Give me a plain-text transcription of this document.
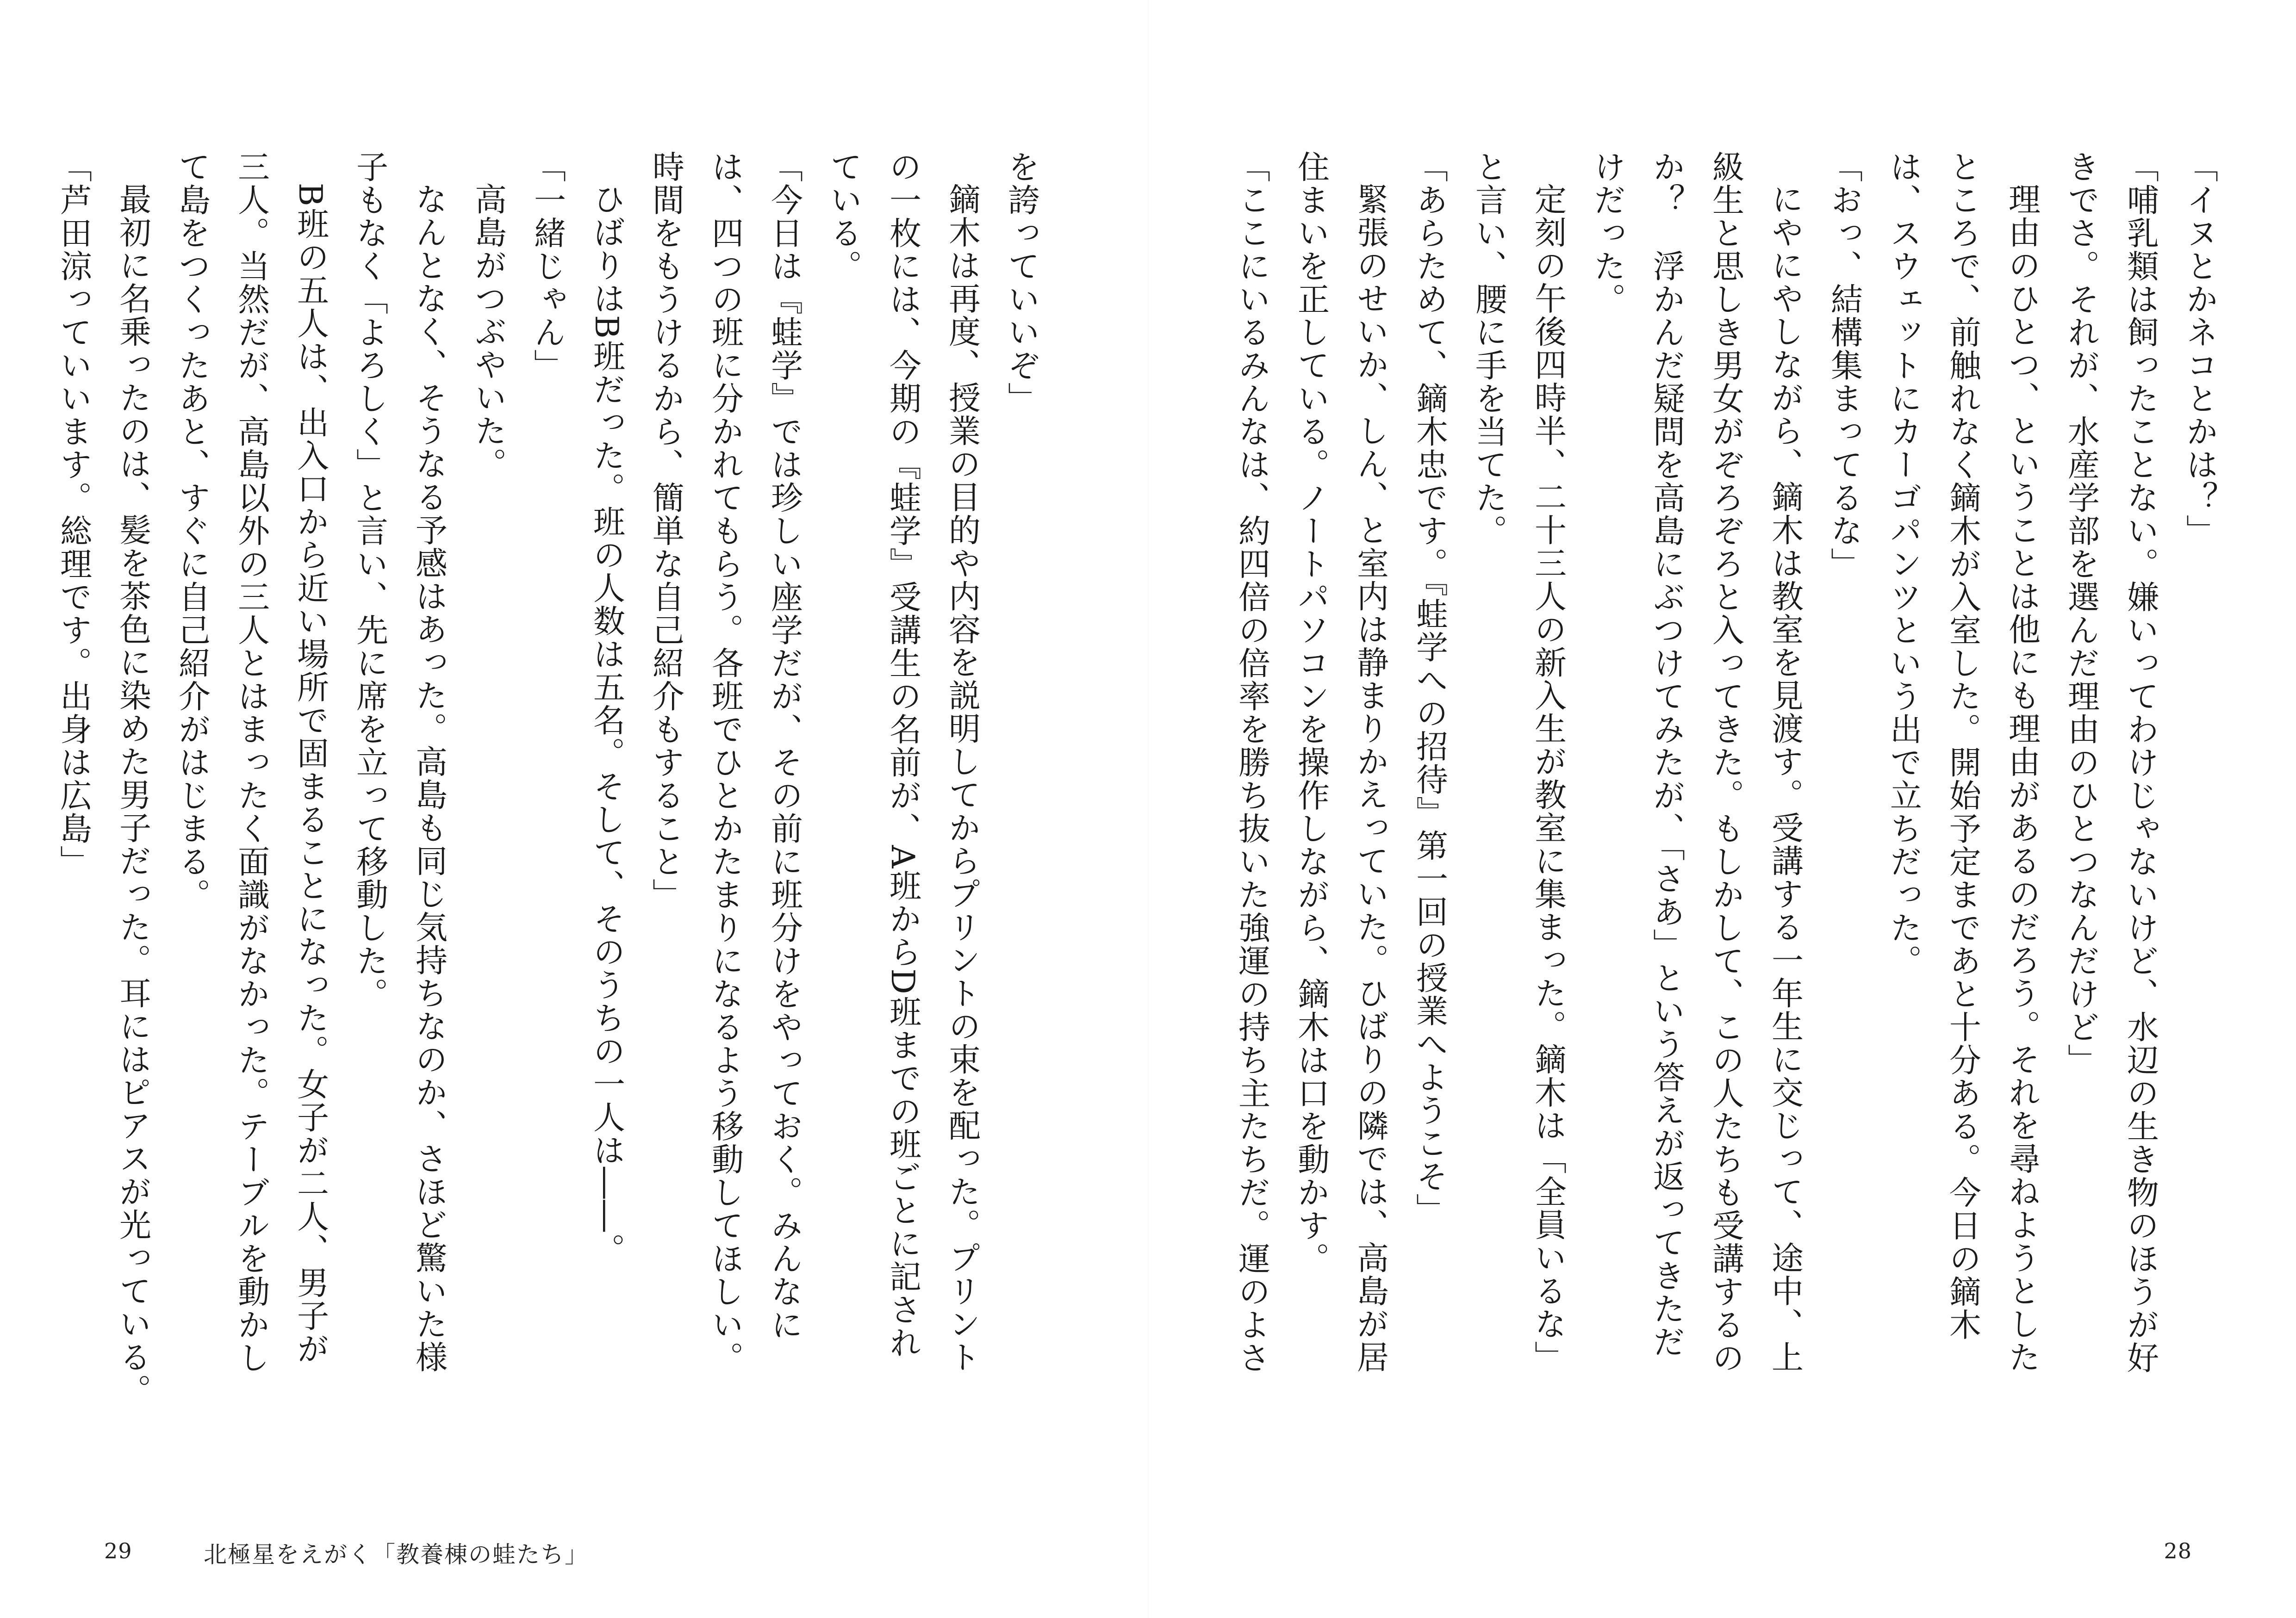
「イヌとかネコとかは？」
「哺乳類は飼ったことない。嫌いってわけじゃないけど、水辺の生き物のほうが好
きでさ。それが、水産学部を選んだ理由のひとつなんだけど」
理由のひとつ、ということは他にも理由があるのだろう。それを尋ねようとした
ところで、前触れなく鏑木が入室した。開始予定まであと十分ある。今日の鏑木
は、スウェットにカーゴパンツという出で立ちだった。
「おっ、結構集まってるな」
にやにやしながら、鏑木は教室を見渡す。受講する一年生に交じって、途中、上
級生と思しき男女がぞろぞろと入ってきた。もしかして、この人たちも受講するの
か？　浮かんだ疑問を高島にぶつけてみたが、「さあ」という答えが返ってきただ
けだった。
定刻の午後四時半、二十三人の新入生が教室に集まった。鏑木は「全員いるな」
と言い、腰に手を当てた。
「あらためて、鏑木忠です。『蛙学への招待』第一回の授業へようこそ」
緊張のせいか、しん、と室内は静まりかえっていた。ひばりの隣では、高島が居
住まいを正している。ノートパソコンを操作しながら、鏑木は口を動かす。
「ここにいるみんなは、約四倍の倍率を勝ち抜いた強運の持ち主たちだ。運のよさ
28
を誇っていいぞ」
鏑木は再度、授業の目的や内容を説明してからプリントの束を配った。プリント
の一枚には、今期の『蛙学』受講生の名前が、A班からD班までの班ごとに記され
ている。
「今日は『蛙学』では珍しい座学だが、その前に班分けをやっておく。みんなに
は、四つの班に分かれてもらう。各班でひとかたまりになるよう移動してほしい。
時間をもうけるから、簡単な自己紹介もすること」
ひばりはB班だった。班の人数は五名。そして、そのうちの一人は――。
「一緒じゃん」
高島がつぶやいた。
なんとなく、そうなる予感はあった。高島も同じ気持ちなのか、さほど驚いた様
子もなく「よろしく」と言い、先に席を立って移動した。
B班の五人は、出入口から近い場所で固まることになった。女子が二人、男子が
三人。当然だが、高島以外の三人とはまったく面識がなかった。テーブルを動かし
て島をつくったあと、すぐに自己紹介がはじまる。
最初に名乗ったのは、髪を茶色に染めた男子だった。耳にはピアスが光っている。
「芦田涼っていいます。総理です。出身は広島」
29	北極星をえがく「教養棟の蛙たち」
